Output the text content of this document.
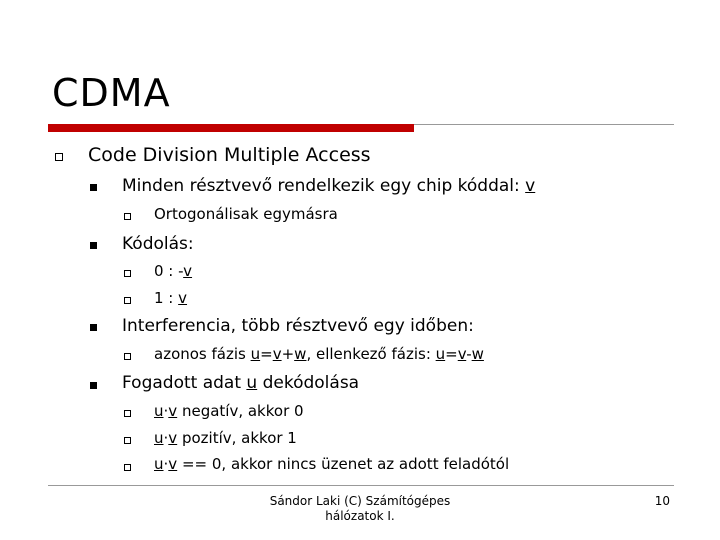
CDMA
Code Division Multiple Access
Minden résztvevő rendelkezik egy chip kóddal: v
Ortogonálisak egymásra
Kódolás:
0 : -v
1 : v
Interferencia, több résztvevő egy időben:
azonos fázis u=v+w, ellenkező fázis: u=v-w
Fogadott adat u dekódolása
u·v negatív, akkor 0
u·v pozitív, akkor 1
u·v == 0, akkor nincs üzenet az adott feladótól
Sándor Laki (C) Számítógépes
hálózatok I.
10
